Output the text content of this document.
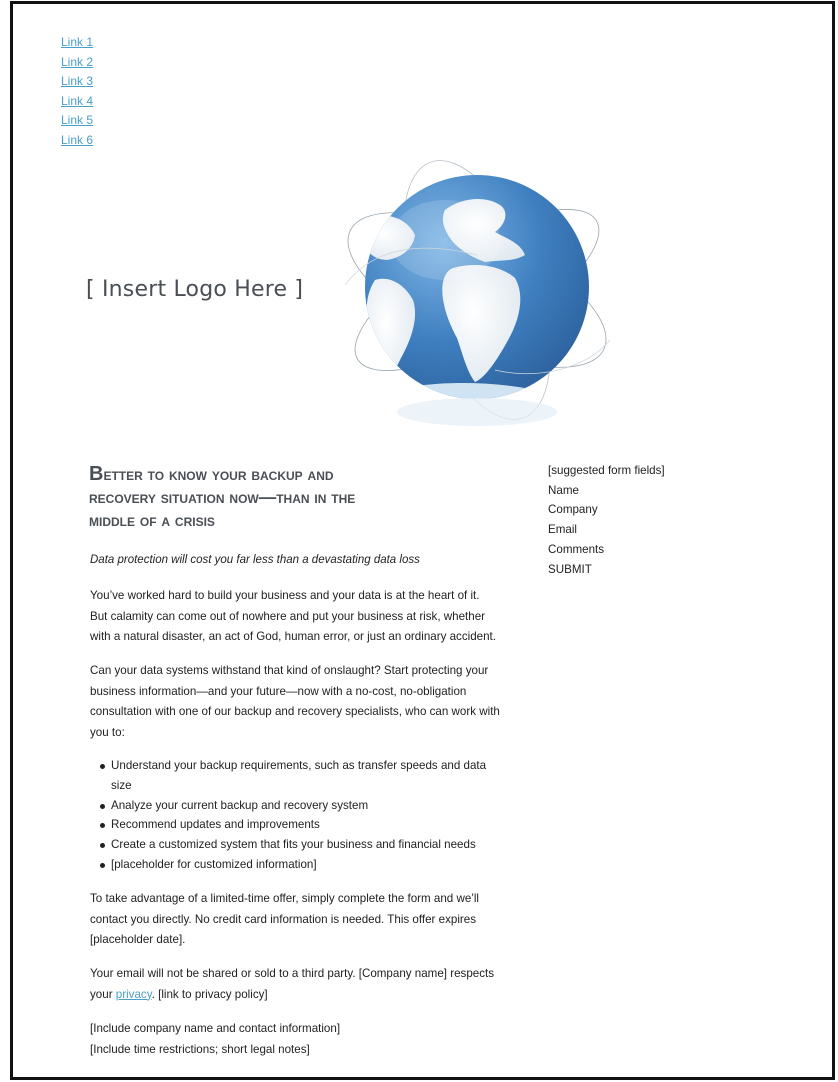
Link 1
Link 2
Link 3
Link 4
Link 5
Link 6
[ Insert Logo Here ]
Better to know your backup and
recovery situation now—than in the
middle of a crisis

Data protection will cost you far less than a devastating data loss

You’ve worked hard to build your business and your data is at the heart of it. But calamity can come out of nowhere and put your business at risk, whether with a natural disaster, an act of God, human error, or just an ordinary accident.

Can your data systems withstand that kind of onslaught? Start protecting your business information—and your future—now with a no-cost, no-obligation consultation with one of our backup and recovery specialists, who can work with you to:

Understand your backup requirements, such as transfer speeds and data size
Analyze your current backup and recovery system
Recommend updates and improvements
Create a customized system that fits your business and financial needs
[placeholder for customized information]

To take advantage of a limited-time offer, simply complete the form and we’ll contact you directly. No credit card information is needed. This offer expires [placeholder date].

Your email will not be shared or sold to a third party. [Company name] respects your privacy. [link to privacy policy]

[Include company name and contact information]
[Include time restrictions; short legal notes]

[suggested form fields]
Name
Company
Email
Comments
SUBMIT
